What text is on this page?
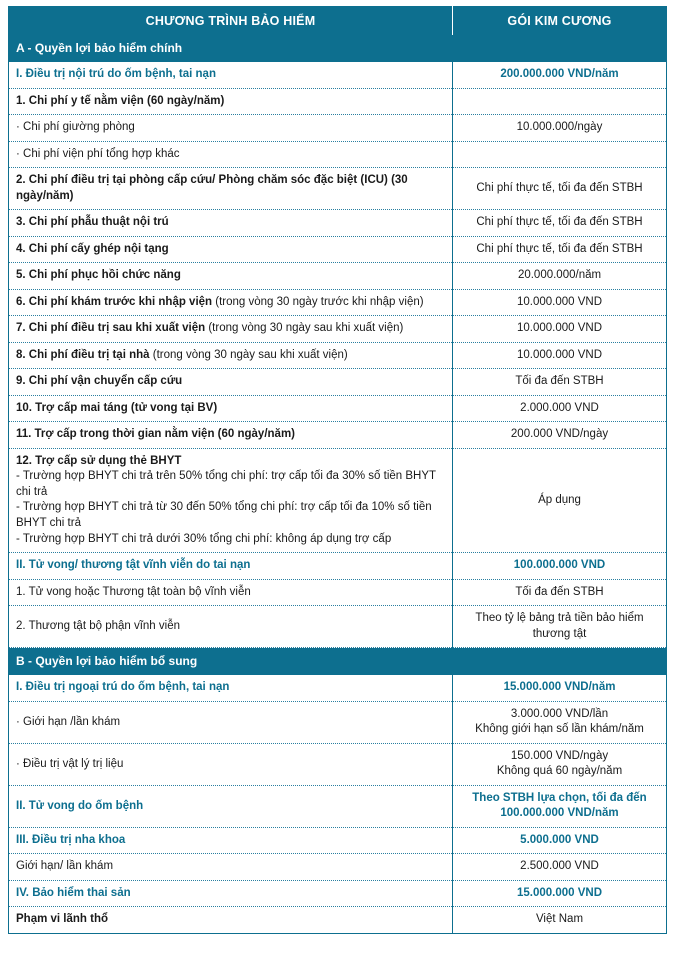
CHƯƠNG TRÌNH BẢO HIỂM	GÓI KIM CƯƠNG
A - Quyền lợi bảo hiểm chính	
I. Điều trị nội trú do ốm bệnh, tai nạn	200.000.000 VND/năm
1. Chi phí y tế nằm viện (60 ngày/năm)	
· Chi phí giường phòng	10.000.000/ngày
· Chi phí viện phí tổng hợp khác	
2. Chi phí điều trị tại phòng cấp cứu/ Phòng chăm sóc đặc biệt (ICU) (30 ngày/năm)	Chi phí thực tế, tối đa đến STBH
3. Chi phí phẫu thuật nội trú	Chi phí thực tế, tối đa đến STBH
4. Chi phí cấy ghép nội tạng	Chi phí thực tế, tối đa đến STBH
5. Chi phí phục hồi chức năng	20.000.000/năm
6. Chi phí khám trước khi nhập viện (trong vòng 30 ngày trước khi nhập viện)	10.000.000 VND
7. Chi phí điều trị sau khi xuất viện (trong vòng 30 ngày sau khi xuất viện)	10.000.000 VND
8. Chi phí điều trị tại nhà (trong vòng 30 ngày sau khi xuất viện)	10.000.000 VND
9. Chi phí vận chuyển cấp cứu	Tối đa đến STBH
10. Trợ cấp mai táng (tử vong tại BV)	2.000.000 VND
11. Trợ cấp trong thời gian nằm viện (60 ngày/năm)	200.000 VND/ngày

12. Trợ cấp sử dụng thẻ BHYT
- Trường hợp BHYT chi trả trên 50% tổng chi phí: trợ cấp tối đa 30% số tiền BHYT chi trả
- Trường hợp BHYT chi trả từ 30 đến 50% tổng chi phí: trợ cấp tối đa 10% số tiền BHYT chi trả
- Trường hợp BHYT chi trả dưới 30% tổng chi phí: không áp dụng trợ cấp	Áp dụng
II. Tử vong/ thương tật vĩnh viễn do tai nạn	100.000.000 VND
1. Tử vong hoặc Thương tật toàn bộ vĩnh viễn	Tối đa đến STBH
2. Thương tật bộ phận vĩnh viễn	Theo tỷ lệ bảng trả tiền bảo hiểm thương tật
B - Quyền lợi bảo hiểm bổ sung	
I. Điều trị ngoại trú do ốm bệnh, tai nạn	15.000.000 VND/năm
· Giới hạn /lần khám	3.000.000 VND/lần
Không giới hạn số lần khám/năm

· Điều trị vật lý trị liệu	150.000 VND/ngày
Không quá 60 ngày/năm

II. Tử vong do ốm bệnh	Theo STBH lựa chọn, tối đa đến 100.000.000 VND/năm
III. Điều trị nha khoa	5.000.000 VND
Giới hạn/ lần khám	2.500.000 VND
IV. Bảo hiểm thai sản	15.000.000 VND
Phạm vi lãnh thổ	Việt Nam
